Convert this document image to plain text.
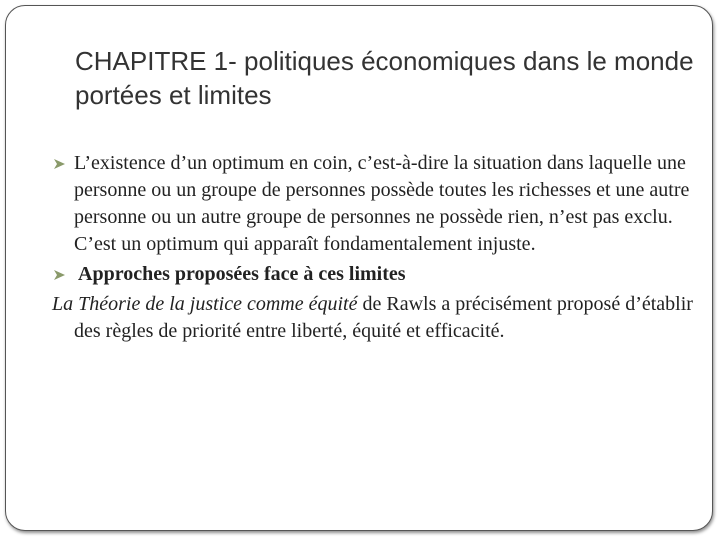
CHAPITRE 1- politiques économiques dans le monde portées et limites

L’existence d’un optimum en coin, c’est-à-dire la situation dans laquelle une personne ou un groupe de personnes possède toutes les richesses et une autre personne ou un autre groupe de personnes ne possède rien, n’est pas exclu. C’est un optimum qui apparaît fondamentalement injuste.

Approches proposées face à ces limites

La Théorie de la justice comme équité de Rawls a précisément proposé d’établir des règles de priorité entre liberté, équité et efficacité.
